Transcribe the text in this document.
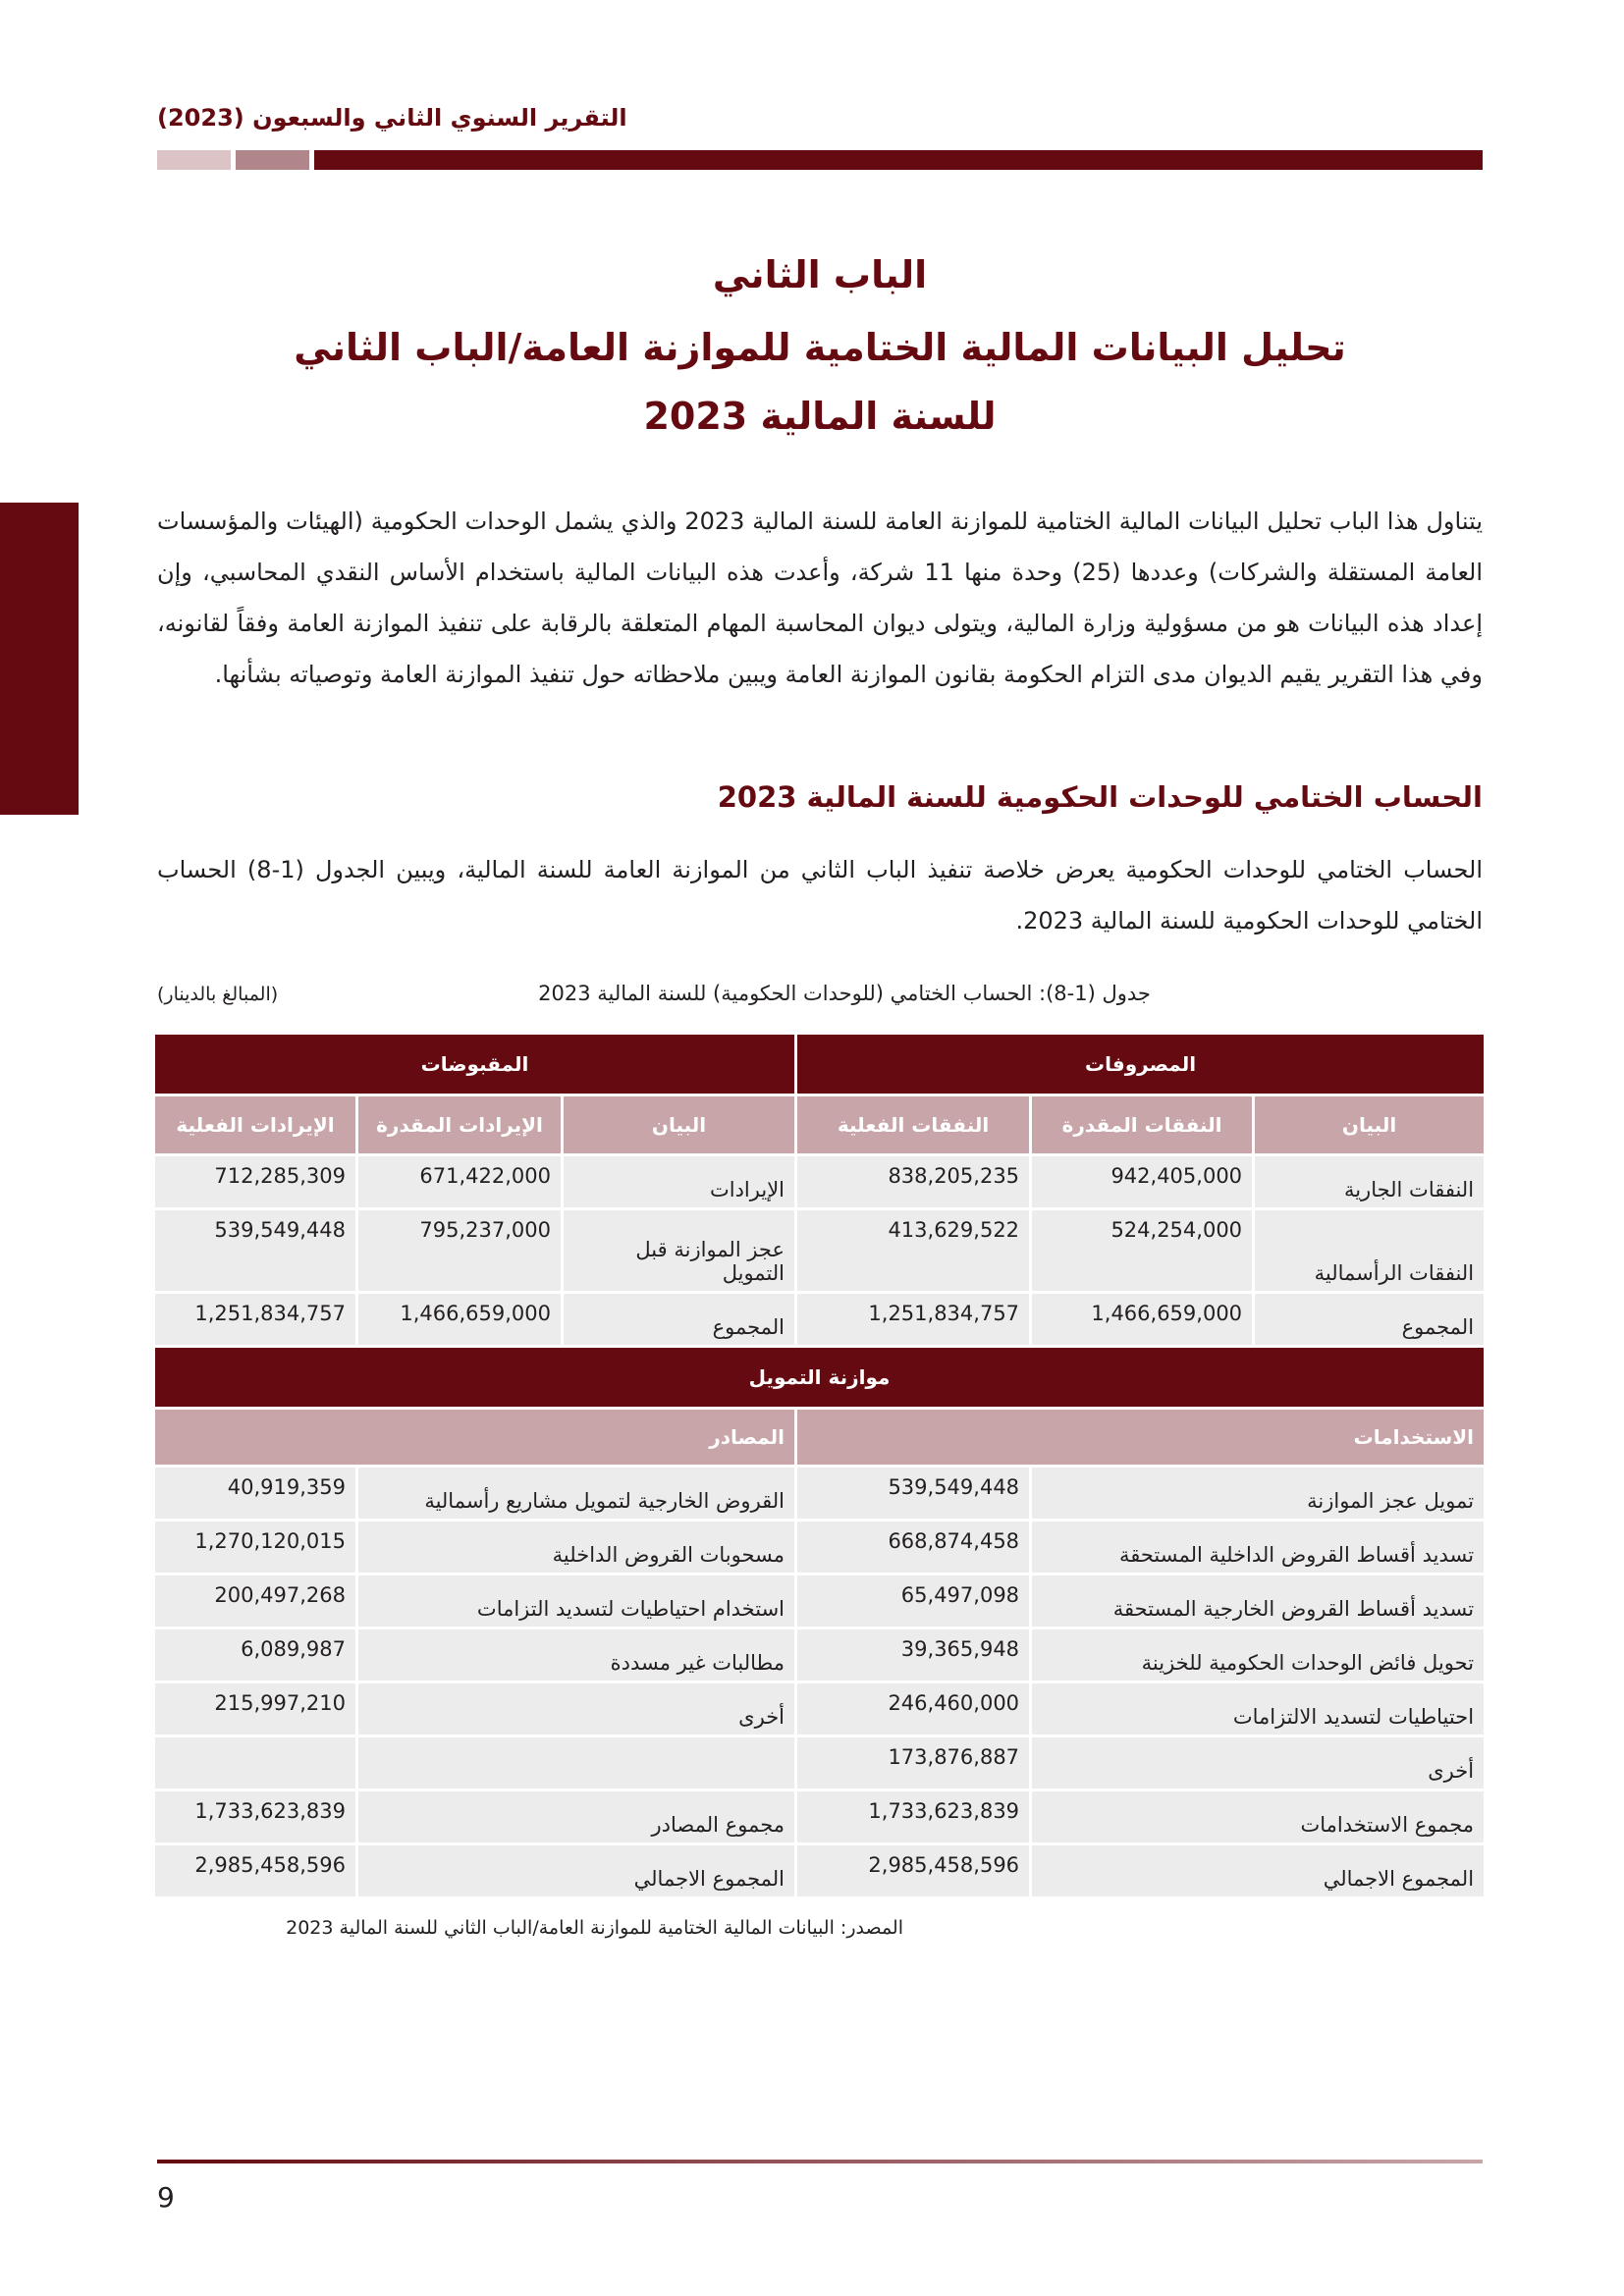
التقرير السنوي الثاني والسبعون (2023)
الباب الثاني
تحليل البيانات المالية الختامية للموازنة العامة/الباب الثاني
للسنة المالية 2023
يتناول هذا الباب تحليل البيانات المالية الختامية للموازنة العامة للسنة المالية 2023 والذي يشمل الوحدات الحكومية (الهيئات والمؤسسات العامة المستقلة والشركات) وعددها (25) وحدة منها 11 شركة، وأعدت هذه البيانات المالية باستخدام الأساس النقدي المحاسبي، وإن إعداد هذه البيانات هو من مسؤولية وزارة المالية، ويتولى ديوان المحاسبة المهام المتعلقة بالرقابة على تنفيذ الموازنة العامة وفقاً لقانونه، وفي هذا التقرير يقيم الديوان مدى التزام الحكومة بقانون الموازنة العامة ويبين ملاحظاته حول تنفيذ الموازنة العامة وتوصياته بشأنها.
الحساب الختامي للوحدات الحكومية للسنة المالية 2023
الحساب الختامي للوحدات الحكومية يعرض خلاصة تنفيذ الباب الثاني من الموازنة العامة للسنة المالية، ويبين الجدول (1-8) الحساب الختامي للوحدات الحكومية للسنة المالية 2023.
جدول (1-8): الحساب الختامي (للوحدات الحكومية) للسنة المالية 2023
(المبالغ بالدينار)
المصروفات			المقبوضات		
البيان	النفقات المقدرة	النفقات الفعلية	البيان	الإيرادات المقدرة	الإيرادات الفعلية
النفقات الجارية	942,405,000	838,205,235	الإيرادات	671,422,000	712,285,309
النفقات الرأسمالية	524,254,000	413,629,522	عجز الموازنة قبل التمويل	795,237,000	539,549,448
المجموع	1,466,659,000	1,251,834,757	المجموع	1,466,659,000	1,251,834,757
موازنة التمويل					
الاستخدامات			المصادر		
تمويل عجز الموازنة		539,549,448	القروض الخارجية لتمويل مشاريع رأسمالية		40,919,359
تسديد أقساط القروض الداخلية المستحقة		668,874,458	مسحوبات القروض الداخلية		1,270,120,015
تسديد أقساط القروض الخارجية المستحقة		65,497,098	استخدام احتياطيات لتسديد التزامات		200,497,268
تحويل فائض الوحدات الحكومية للخزينة		39,365,948	مطالبات غير مسددة		6,089,987
احتياطيات لتسديد الالتزامات		246,460,000	أخرى		215,997,210
أخرى		173,876,887			
مجموع الاستخدامات		1,733,623,839	مجموع المصادر		1,733,623,839
المجموع الاجمالي		2,985,458,596	المجموع الاجمالي		2,985,458,596
المصدر: البيانات المالية الختامية للموازنة العامة/الباب الثاني للسنة المالية 2023
9
